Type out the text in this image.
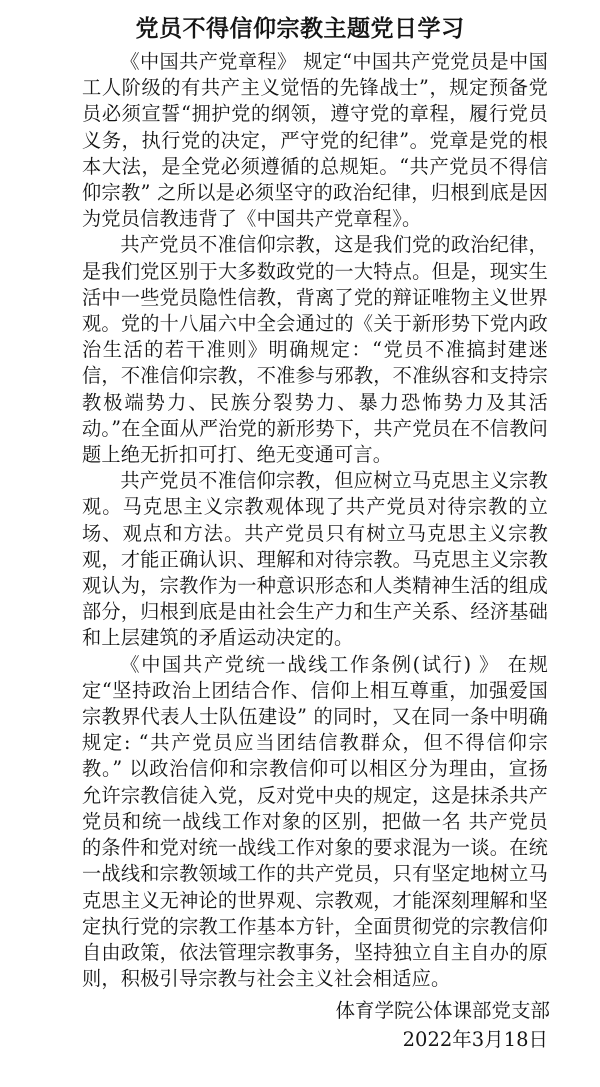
党员不得信仰宗教主题党日学习

《中国共产党章程》 规定“中国共产党党员是中国工人阶级的有共产主义觉悟的先锋战士”，规定预备党员必须宣誓“拥护党的纲领，遵守党的章程，履行党员义务，执行党的决定，严守党的纪律”。党章是党的根本大法，是全党必须遵循的总规矩。“共产党员不得信仰宗教” 之所以是必须坚守的政治纪律，归根到底是因为党员信教违背了《中国共产党章程》。

共产党员不准信仰宗教，这是我们党的政治纪律，是我们党区别于大多数政党的一大特点。但是，现实生活中一些党员隐性信教，背离了党的辩证唯物主义世界观。党的十八届六中全会通过的《关于新形势下党内政治生活的若干准则》明确规定：“党员不准搞封建迷信，不准信仰宗教，不准参与邪教，不准纵容和支持宗教极端势力、民族分裂势力、暴力恐怖势力及其活动。”在全面从严治党的新形势下，共产党员在不信教问题上绝无折扣可打、绝无变通可言。

共产党员不准信仰宗教，但应树立马克思主义宗教观。马克思主义宗教观体现了共产党员对待宗教的立场、观点和方法。共产党员只有树立马克思主义宗教观，才能正确认识、理解和对待宗教。马克思主义宗教观认为，宗教作为一种意识形态和人类精神生活的组成部分，归根到底是由社会生产力和生产关系、经济基础和上层建筑的矛盾运动决定的。

《中国共产党统一战线工作条例(试行) 》 在规定“坚持政治上团结合作、信仰上相互尊重，加强爱国宗教界代表人士队伍建设” 的同时，又在同一条中明确规定: “共产党员应当团结信教群众，但不得信仰宗教。” 以政治信仰和宗教信仰可以相区分为理由，宣扬允许宗教信徒入党，反对党中央的规定，这是抹杀共产党员和统一战线工作对象的区别，把做一名 共产党员的条件和党对统一战线工作对象的要求混为一谈。在统一战线和宗教领域工作的共产党员，只有坚定地树立马克思主义无神论的世界观、宗教观，才能深刻理解和坚定执行党的宗教工作基本方针，全面贯彻党的宗教信仰自由政策，依法管理宗教事务，坚持独立自主自办的原则，积极引导宗教与社会主义社会相适应。

体育学院公体课部党支部
2022年3月18日
